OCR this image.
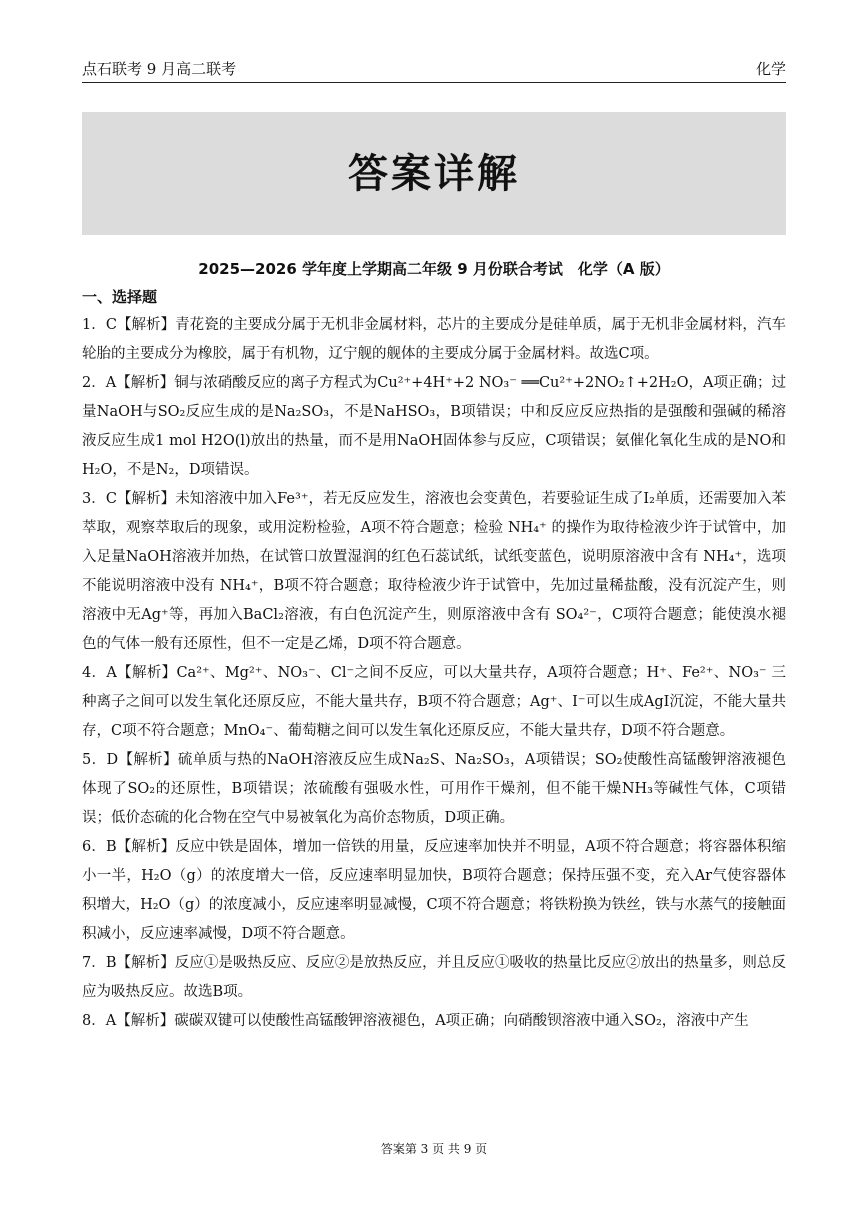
点石联考 9 月高二联考	化学
答案详解
2025—2026 学年度上学期高二年级 9 月份联合考试　化学（A 版）
一、选择题

1．C【解析】青花瓷的主要成分属于无机非金属材料，芯片的主要成分是硅单质，属于无机非金属材料，汽车轮胎的主要成分为橡胶，属于有机物，辽宁舰的舰体的主要成分属于金属材料。故选C项。

2．A【解析】铜与浓硝酸反应的离子方程式为Cu²⁺+4H⁺+2 NO₃⁻ ══Cu²⁺+2NO₂↑+2H₂O，A项正确；过量NaOH与SO₂反应生成的是Na₂SO₃，不是NaHSO₃，B项错误；中和反应反应热指的是强酸和强碱的稀溶液反应生成1 mol H2O(l)放出的热量，而不是用NaOH固体参与反应，C项错误；氨催化氧化生成的是NO和H₂O，不是N₂，D项错误。

3．C【解析】未知溶液中加入Fe³⁺，若无反应发生，溶液也会变黄色，若要验证生成了I₂单质，还需要加入苯萃取，观察萃取后的现象，或用淀粉检验，A项不符合题意；检验 NH₄⁺ 的操作为取待检液少许于试管中，加入足量NaOH溶液并加热，在试管口放置湿润的红色石蕊试纸，试纸变蓝色，说明原溶液中含有 NH₄⁺，选项不能说明溶液中没有 NH₄⁺，B项不符合题意；取待检液少许于试管中，先加过量稀盐酸，没有沉淀产生，则溶液中无Ag⁺等，再加入BaCl₂溶液，有白色沉淀产生，则原溶液中含有 SO₄²⁻，C项符合题意；能使溴水褪色的气体一般有还原性，但不一定是乙烯，D项不符合题意。

4．A【解析】Ca²⁺、Mg²⁺、NO₃⁻、Cl⁻之间不反应，可以大量共存，A项符合题意；H⁺、Fe²⁺、NO₃⁻ 三种离子之间可以发生氧化还原反应，不能大量共存，B项不符合题意；Ag⁺、I⁻可以生成AgI沉淀，不能大量共存，C项不符合题意；MnO₄⁻、葡萄糖之间可以发生氧化还原反应，不能大量共存，D项不符合题意。

5．D【解析】硫单质与热的NaOH溶液反应生成Na₂S、Na₂SO₃，A项错误；SO₂使酸性高锰酸钾溶液褪色体现了SO₂的还原性，B项错误；浓硫酸有强吸水性，可用作干燥剂，但不能干燥NH₃等碱性气体，C项错误；低价态硫的化合物在空气中易被氧化为高价态物质，D项正确。

6．B【解析】反应中铁是固体，增加一倍铁的用量，反应速率加快并不明显，A项不符合题意；将容器体积缩小一半，H₂O（g）的浓度增大一倍，反应速率明显加快，B项符合题意；保持压强不变，充入Ar气使容器体积增大，H₂O（g）的浓度减小，反应速率明显减慢，C项不符合题意；将铁粉换为铁丝，铁与水蒸气的接触面积减小，反应速率减慢，D项不符合题意。

7．B【解析】反应①是吸热反应、反应②是放热反应，并且反应①吸收的热量比反应②放出的热量多，则总反应为吸热反应。故选B项。

8．A【解析】碳碳双键可以使酸性高锰酸钾溶液褪色，A项正确；向硝酸钡溶液中通入SO₂，溶液中产生

答案第 3 页 共 9 页
